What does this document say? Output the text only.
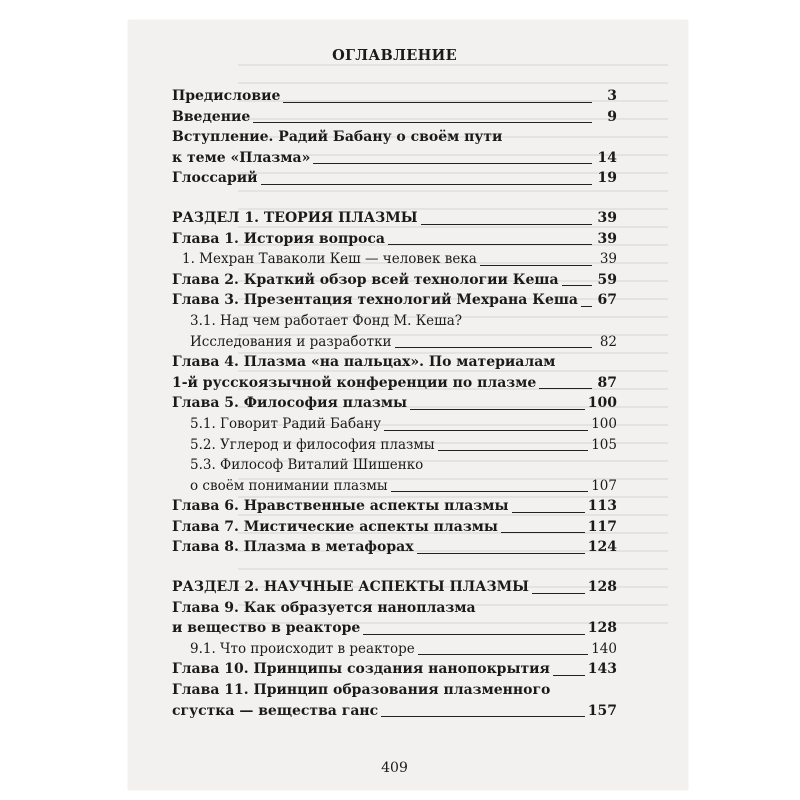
ОГЛАВЛЕНИЕ
Предисловие	3
Введение	9
Вступление. Радий Бабану о своём пути
к теме «Плазма»	14
Глоссарий	19
РАЗДЕЛ 1. ТЕОРИЯ ПЛАЗМЫ	39
Глава 1. История вопроса	39
1. Мехран Таваколи Кеш — человек века	39
Глава 2. Краткий обзор всей технологии Кеша	59
Глава 3. Презентация технологий Мехрана Кеша 67
3.1. Над чем работает Фонд М. Кеша?
Исследования и разработки	82
Глава 4. Плазма «на пальцах». По материалам
1-й русскоязычной конференции по плазме	87
Глава 5. Философия плазмы	100
5.1. Говорит Радий Бабану	100
5.2. Углерод и философия плазмы	105
5.3. Философ Виталий Шишенко
о своём понимании плазмы	107
Глава 6. Нравственные аспекты плазмы	113
Глава 7. Мистические аспекты плазмы	117
Глава 8. Плазма в метафорах	124
РАЗДЕЛ 2. НАУЧНЫЕ АСПЕКТЫ ПЛАЗМЫ	128
Глава 9. Как образуется наноплазма
и вещество в реакторе	128
9.1. Что происходит в реакторе	140
Глава 10. Принципы создания нанопокрытия	143
Глава 11. Принцип образования плазменного
сгустка — вещества ганс	157
409
